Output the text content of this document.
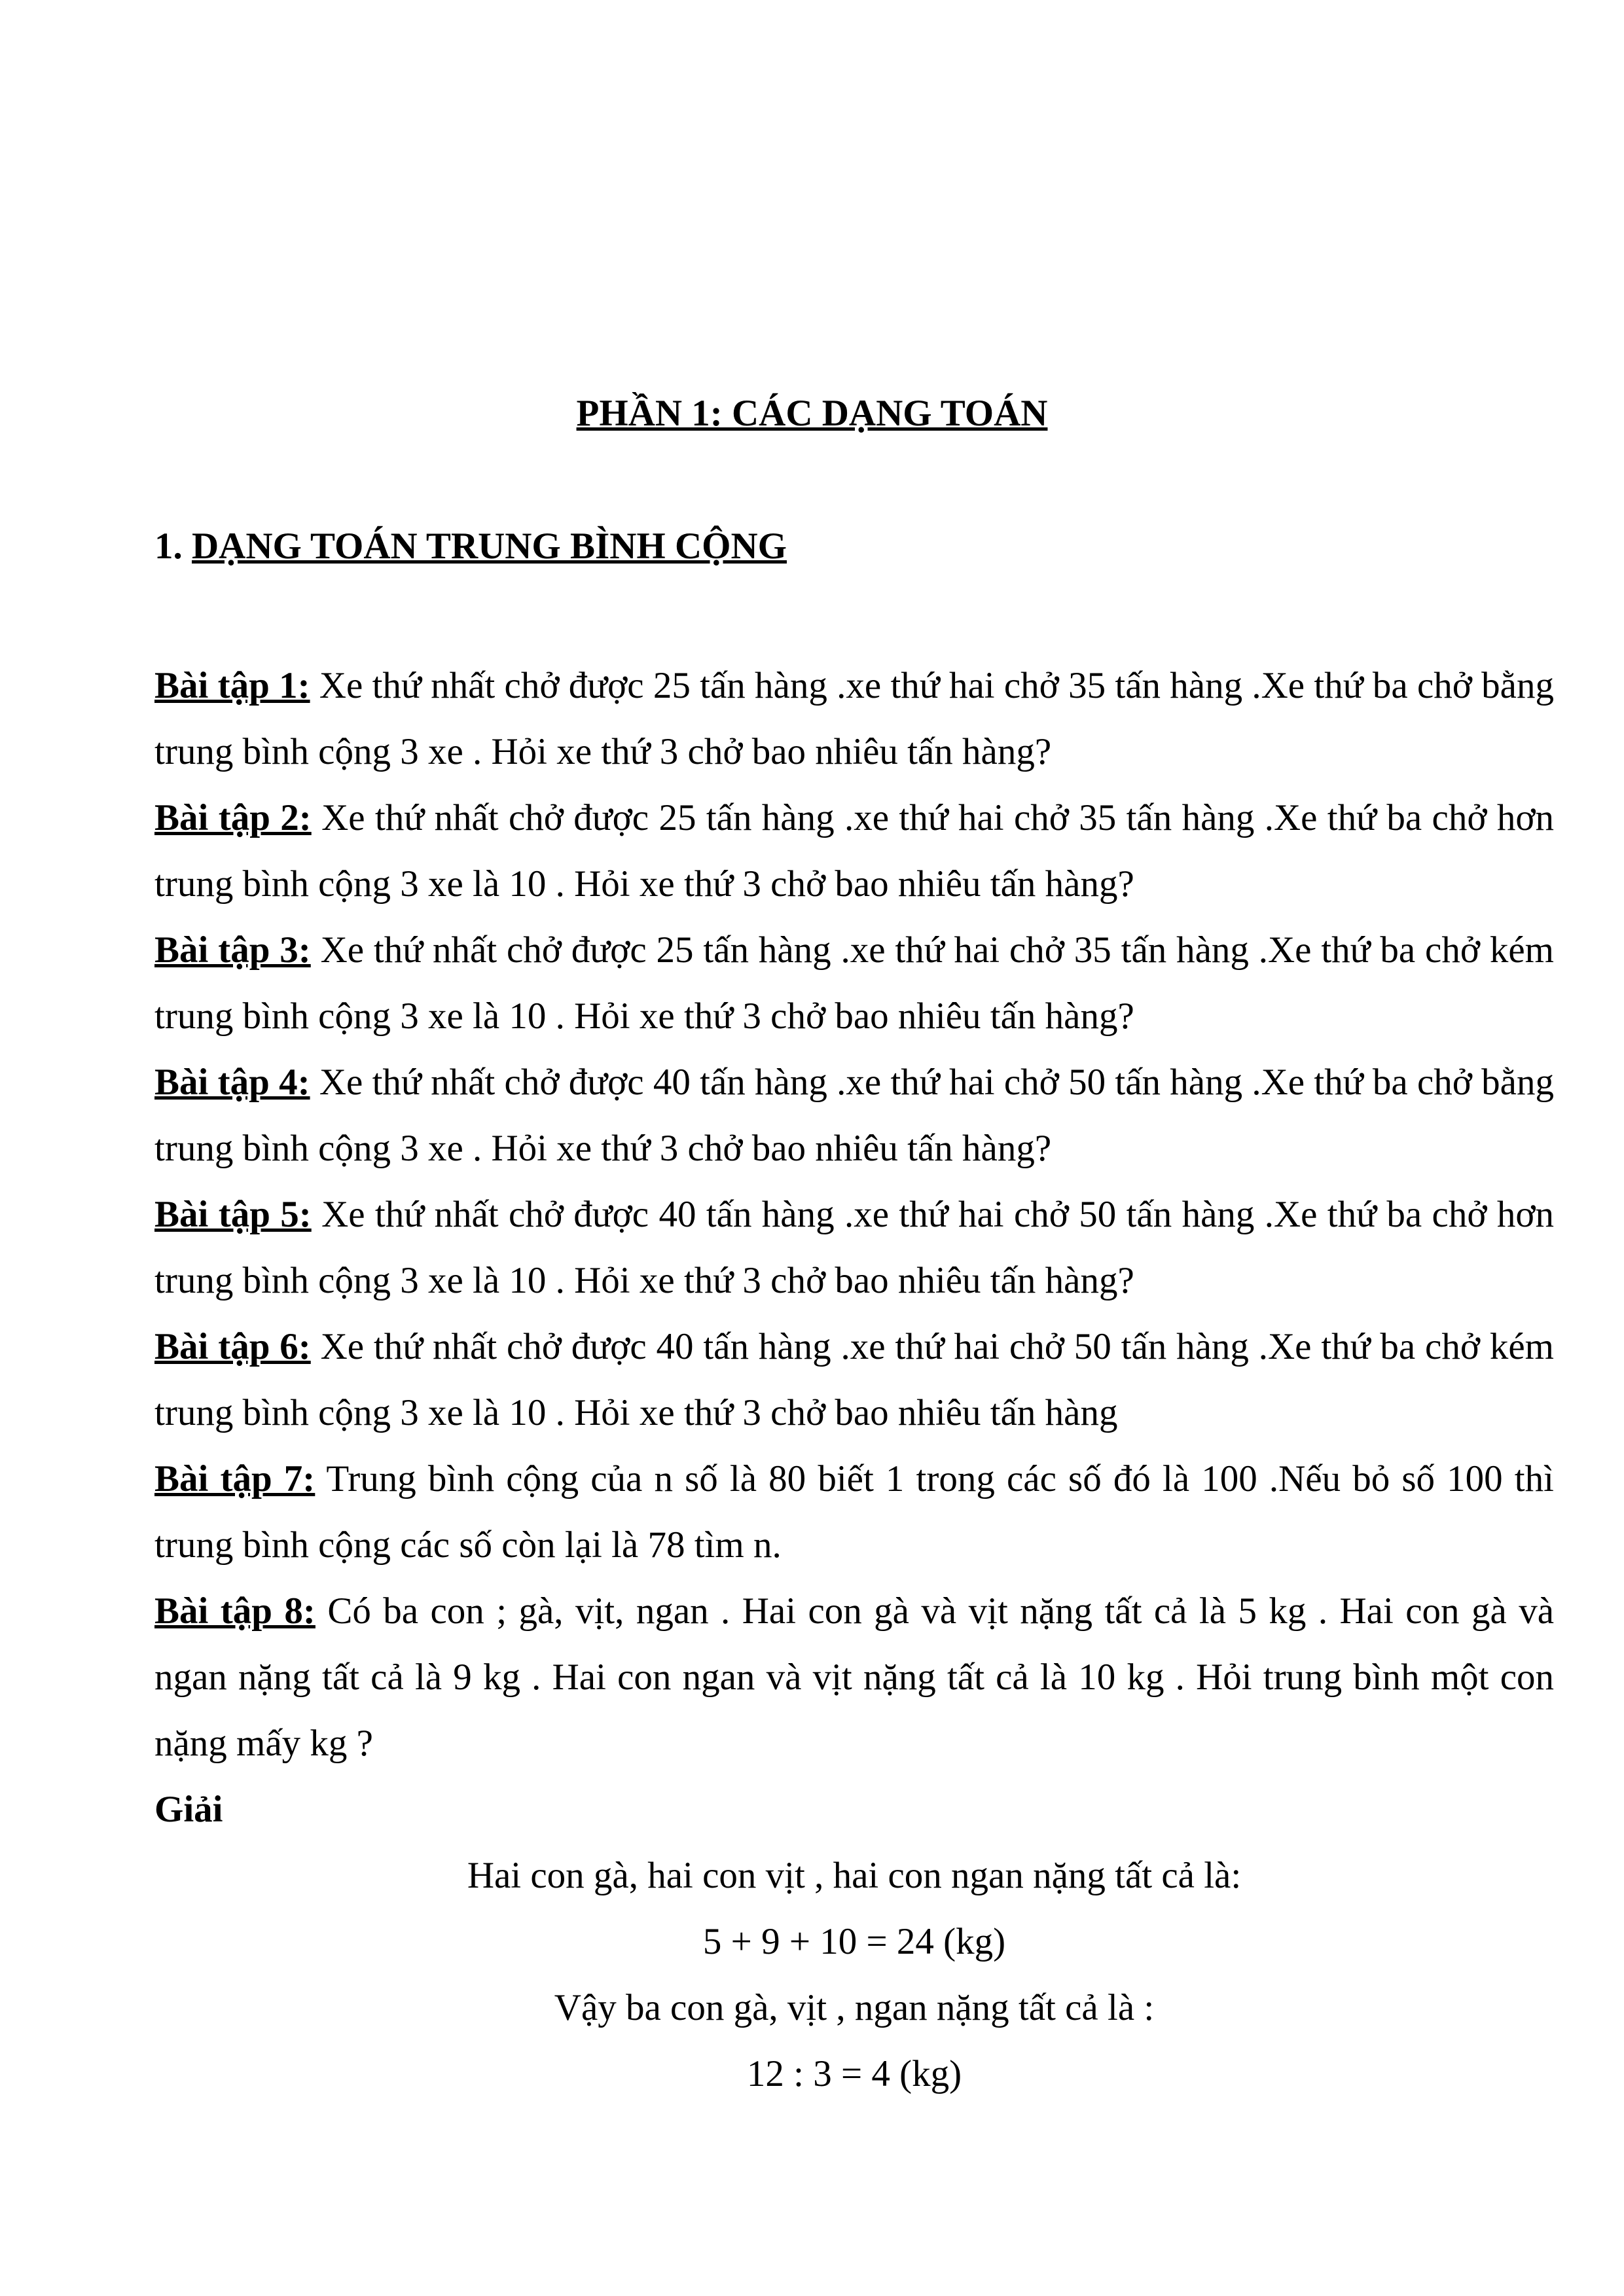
PHẦN 1: CÁC DẠNG TOÁN
1. DẠNG TOÁN TRUNG BÌNH CỘNG

Bài tập 1: Xe thứ nhất chở được 25 tấn hàng .xe thứ hai chở 35 tấn hàng .Xe thứ ba chở bằng trung bình cộng 3 xe . Hỏi xe thứ 3 chở bao nhiêu tấn hàng?

Bài tập 2: Xe thứ nhất chở được 25 tấn hàng .xe thứ hai chở 35 tấn hàng .Xe thứ ba chở hơn trung bình cộng 3 xe là 10 . Hỏi xe thứ 3 chở bao nhiêu tấn hàng?

Bài tập 3: Xe thứ nhất chở được 25 tấn hàng .xe thứ hai chở 35 tấn hàng .Xe thứ ba chở kém trung bình cộng 3 xe là 10 . Hỏi xe thứ 3 chở bao nhiêu tấn hàng?

Bài tập 4: Xe thứ nhất chở được 40 tấn hàng .xe thứ hai chở 50 tấn hàng .Xe thứ ba chở bằng trung bình cộng 3 xe . Hỏi xe thứ 3 chở bao nhiêu tấn hàng?

Bài tập 5: Xe thứ nhất chở được 40 tấn hàng .xe thứ hai chở 50 tấn hàng .Xe thứ ba chở hơn trung bình cộng 3 xe là 10 . Hỏi xe thứ 3 chở bao nhiêu tấn hàng?

Bài tập 6: Xe thứ nhất chở được 40 tấn hàng .xe thứ hai chở 50 tấn hàng .Xe thứ ba chở kém trung bình cộng 3 xe là 10 . Hỏi xe thứ 3 chở bao nhiêu tấn hàng

Bài tập 7: Trung bình cộng của n số là 80 biết 1 trong các số đó là 100 .Nếu bỏ số 100 thì trung bình cộng các số còn lại là 78 tìm n.

Bài tập 8: Có ba con ; gà, vịt, ngan . Hai con gà và vịt nặng tất cả là 5 kg . Hai con gà và ngan nặng tất cả là 9 kg . Hai con ngan và vịt nặng tất cả là 10 kg . Hỏi trung bình một con nặng mấy kg ?

Giải

Hai con gà, hai con vịt , hai con ngan nặng tất cả là:

5 + 9 + 10 = 24 (kg)

Vậy ba con gà, vịt , ngan nặng tất cả là :

12 : 3 = 4 (kg)
